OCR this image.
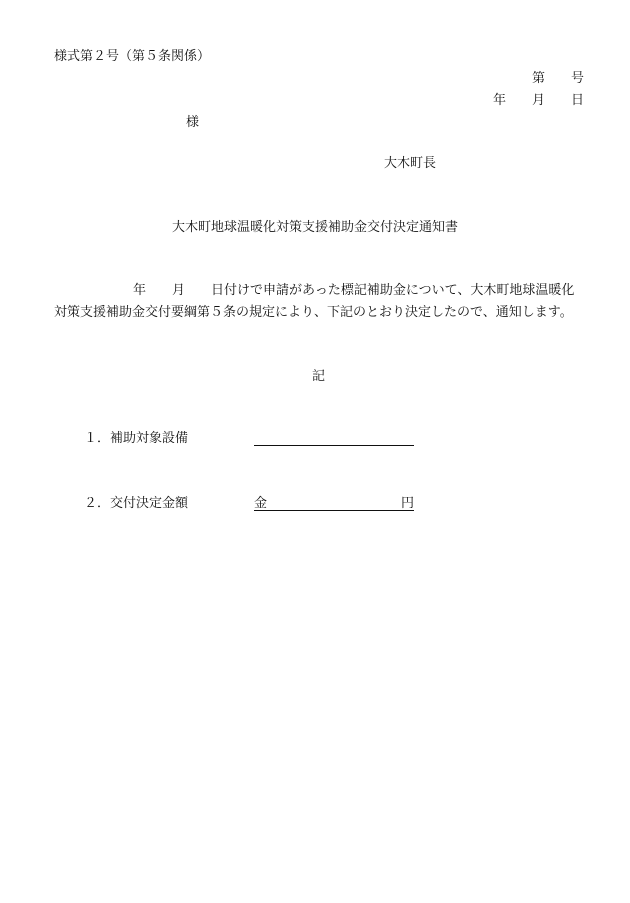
様式第２号（第５条関係）
第　　号
年　　月　　日
様
大木町長
大木町地球温暖化対策支援補助金交付決定通知書
年　　月　　日付けで申請があった標記補助金について、大木町地球温暖化
対策支援補助金交付要綱第５条の規定により、下記のとおり決定したので、通知します。
記
１．補助対象設備
２．交付決定金額	金	円
